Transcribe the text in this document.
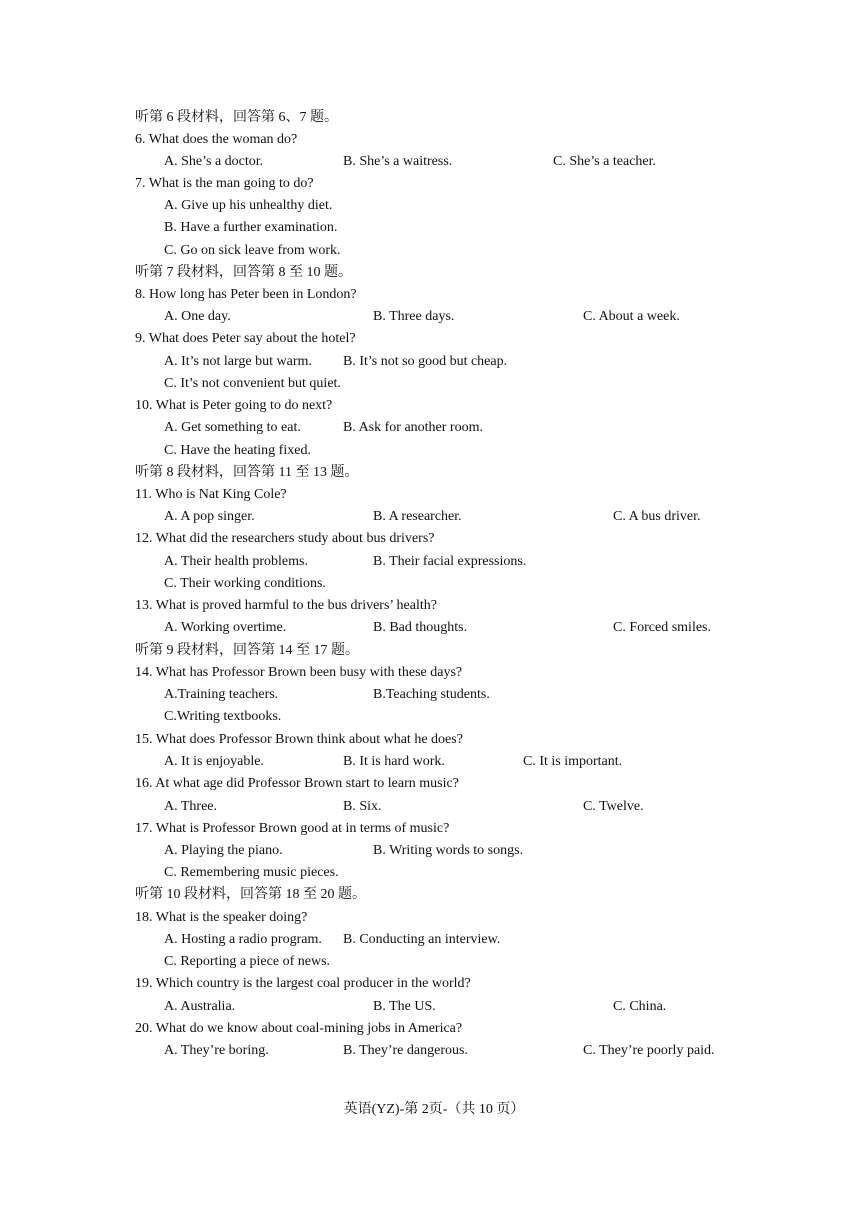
听第 6 段材料，回答第 6、7 题。
6. What does the woman do?
A. She’s a doctor.	B. She’s a waitress.	C. She’s a teacher.
7. What is the man going to do?
A. Give up his unhealthy diet.
B. Have a further examination.
C. Go on sick leave from work.
听第 7 段材料，回答第 8 至 10 题。
8. How long has Peter been in London?
A. One day.	B. Three days.	C. About a week.
9. What does Peter say about the hotel?
A. It’s not large but warm. B. It’s not so good but cheap.
C. It’s not convenient but quiet.
10. What is Peter going to do next?
A. Get something to eat.	B. Ask for another room.
C. Have the heating fixed.
听第 8 段材料，回答第 11 至 13 题。
11. Who is Nat King Cole?
A. A pop singer.	B. A researcher.	C. A bus driver.
12. What did the researchers study about bus drivers?
A. Their health problems.	B. Their facial expressions.
C. Their working conditions.
13. What is proved harmful to the bus drivers’ health?
A. Working overtime.	B. Bad thoughts.	C. Forced smiles.
听第 9 段材料，回答第 14 至 17 题。
14. What has Professor Brown been busy with these days?
A.Training teachers.	B.Teaching students.
C.Writing textbooks.
15. What does Professor Brown think about what he does?
A. It is enjoyable.	B. It is hard work.	C. It is important.
16. At what age did Professor Brown start to learn music?
A. Three.	B. Six.	C. Twelve.
17. What is Professor Brown good at in terms of music?
A. Playing the piano.	B. Writing words to songs.
C. Remembering music pieces.
听第 10 段材料，回答第 18 至 20 题。
18. What is the speaker doing?
A. Hosting a radio program. B. Conducting an interview.
C. Reporting a piece of news.
19. Which country is the largest coal producer in the world?
A. Australia.	B. The US.	C. China.
20. What do we know about coal-mining jobs in America?
A. They’re boring.	B. They’re dangerous.	C. They’re poorly paid.
英语(YZ)-第 2页-（共 10 页）
